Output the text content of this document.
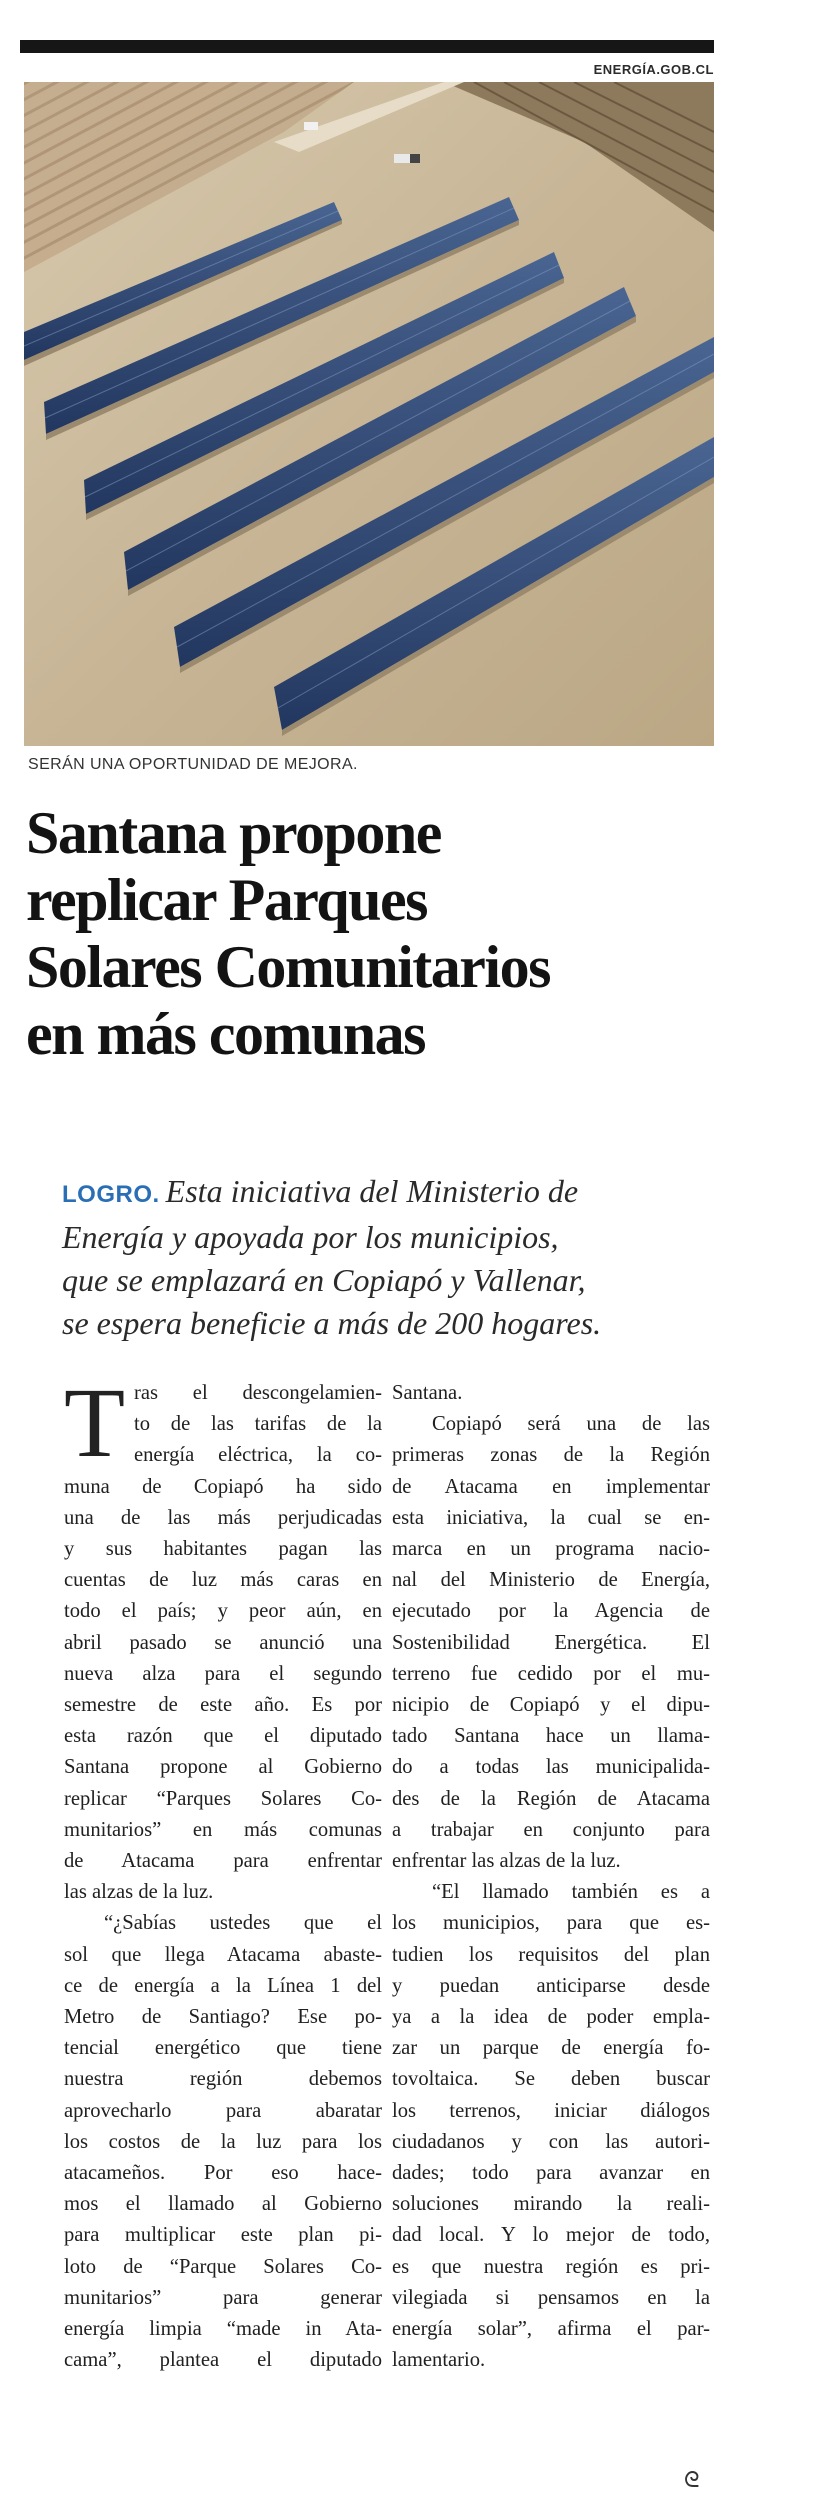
ENERGÍA.GOB.CL
SERÁN UNA OPORTUNIDAD DE MEJORA.
Santana propone
replicar Parques
Solares Comunitarios
en más comunas
LOGRO. Esta iniciativa del Ministerio de
Energía y apoyada por los municipios,
que se emplazará en Copiapó y Vallenar,
se espera beneficie a más de 200 hogares.
T ras el descongelamien-
to de las tarifas de la
energía eléctrica, la co-
muna de Copiapó ha sido
una de las más perjudicadas
y sus habitantes pagan las
cuentas de luz más caras en
todo el país; y peor aún, en
abril pasado se anunció una
nueva alza para el segundo
semestre de este año. Es por
esta razón que el diputado
Santana propone al Gobierno
replicar “Parques Solares Co-
munitarios” en más comunas
de Atacama para enfrentar
las alzas de la luz.
“¿Sabías ustedes que el
sol que llega Atacama abaste-
ce de energía a la Línea 1 del
Metro de Santiago? Ese po-
tencial energético que tiene
nuestra región debemos
aprovecharlo para abaratar
los costos de la luz para los
atacameños. Por eso hace-
mos el llamado al Gobierno
para multiplicar este plan pi-
loto de “Parque Solares Co-
munitarios” para generar
energía limpia “made in Ata-
cama”, plantea el diputado
Santana.
Copiapó será una de las
primeras zonas de la Región
de Atacama en implementar
esta iniciativa, la cual se en-
marca en un programa nacio-
nal del Ministerio de Energía,
ejecutado por la Agencia de
Sostenibilidad Energética. El
terreno fue cedido por el mu-
nicipio de Copiapó y el dipu-
tado Santana hace un llama-
do a todas las municipalida-
des de la Región de Atacama
a trabajar en conjunto para
enfrentar las alzas de la luz.
“El llamado también es a
los municipios, para que es-
tudien los requisitos del plan
y puedan anticiparse desde
ya a la idea de poder empla-
zar un parque de energía fo-
tovoltaica. Se deben buscar
los terrenos, iniciar diálogos
ciudadanos y con las autori-
dades; todo para avanzar en
soluciones mirando la reali-
dad local. Y lo mejor de todo,
es que nuestra región es pri-
vilegiada si pensamos en la
energía solar”, afirma el par-
lamentario.
ᘓ
